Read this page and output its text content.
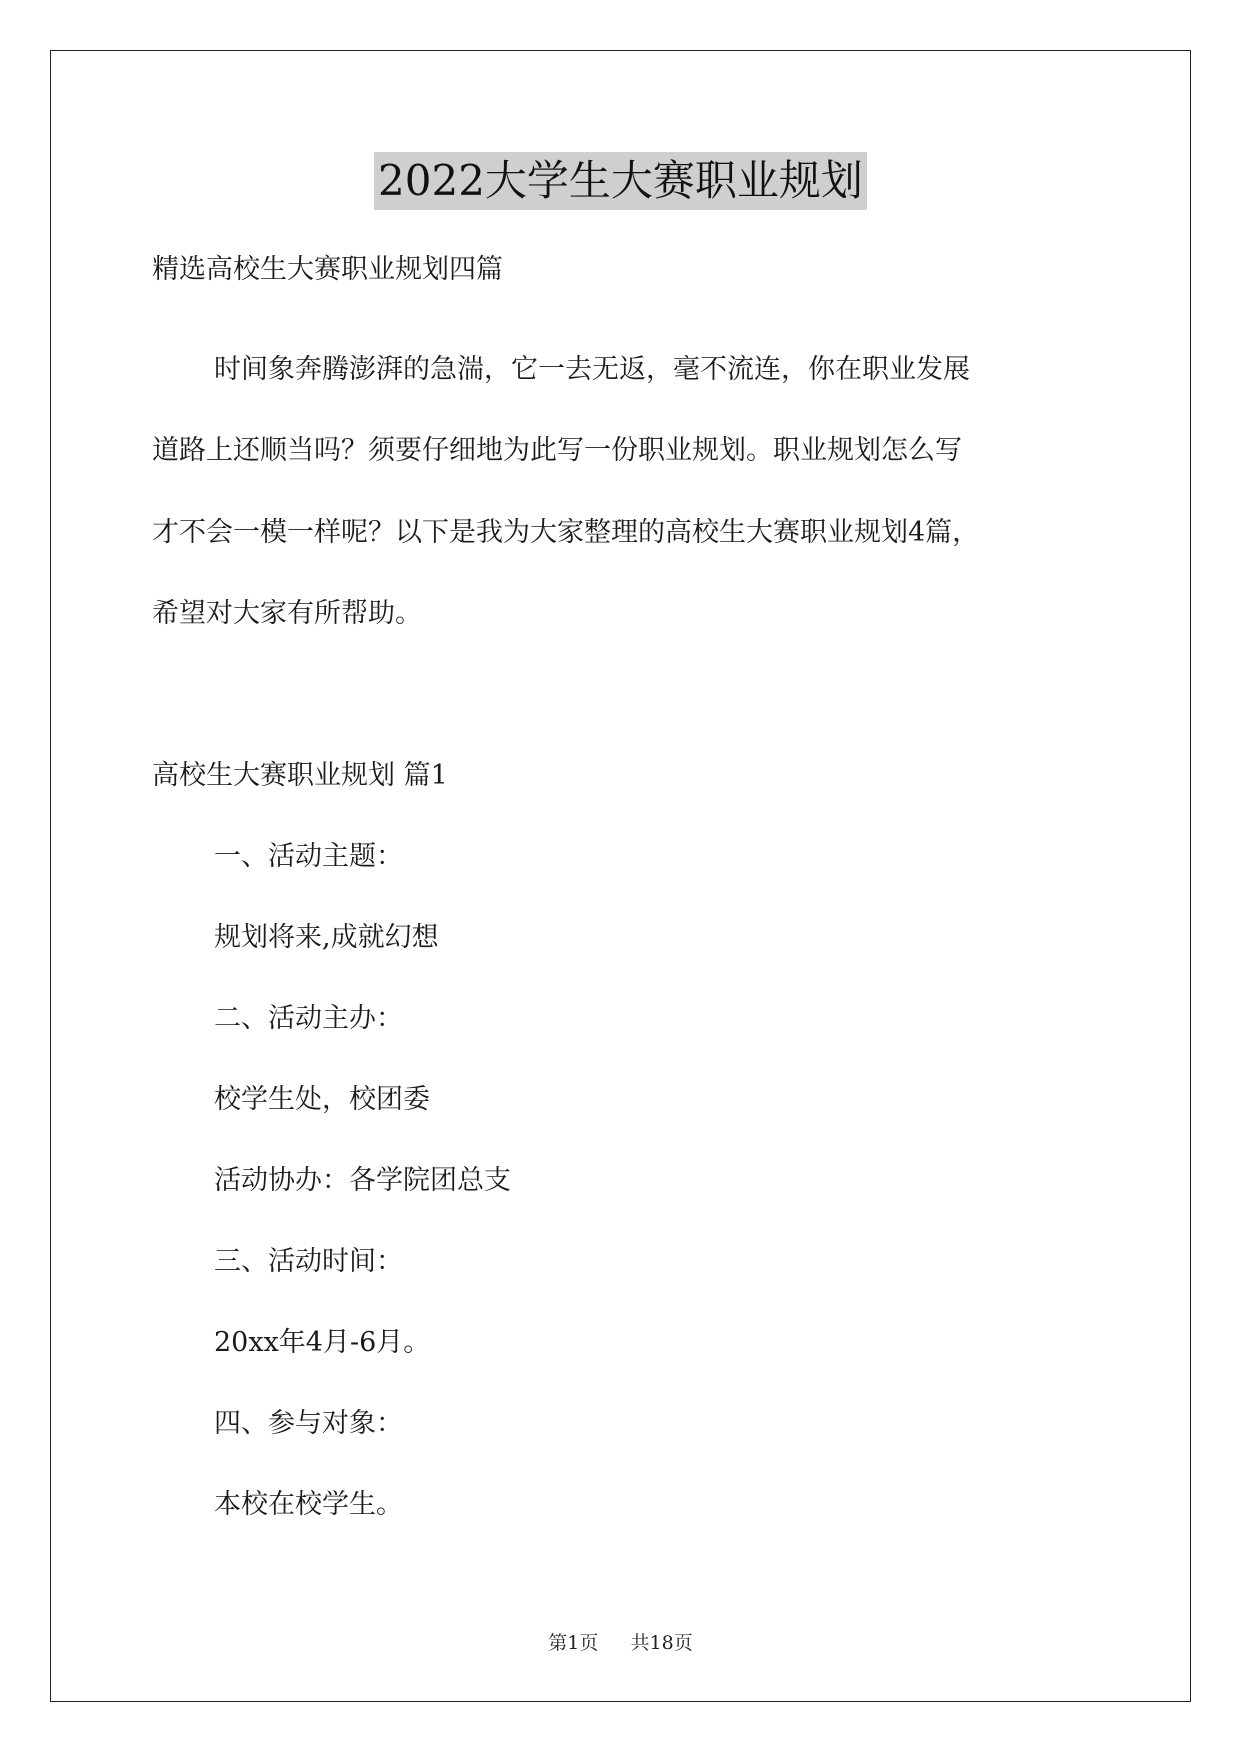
2022大学生大赛职业规划
精选高校生大赛职业规划四篇
时间象奔腾澎湃的急湍，它一去无返，毫不流连，你在职业发展
道路上还顺当吗？须要仔细地为此写一份职业规划。职业规划怎么写
才不会一模一样呢？以下是我为大家整理的高校生大赛职业规划4篇，
希望对大家有所帮助。
高校生大赛职业规划 篇1
一、活动主题：
规划将来,成就幻想
二、活动主办：
校学生处，校团委
活动协办：各学院团总支
三、活动时间：
20xx年4月-6月。
四、参与对象：
本校在校学生。
第1页 共18页
